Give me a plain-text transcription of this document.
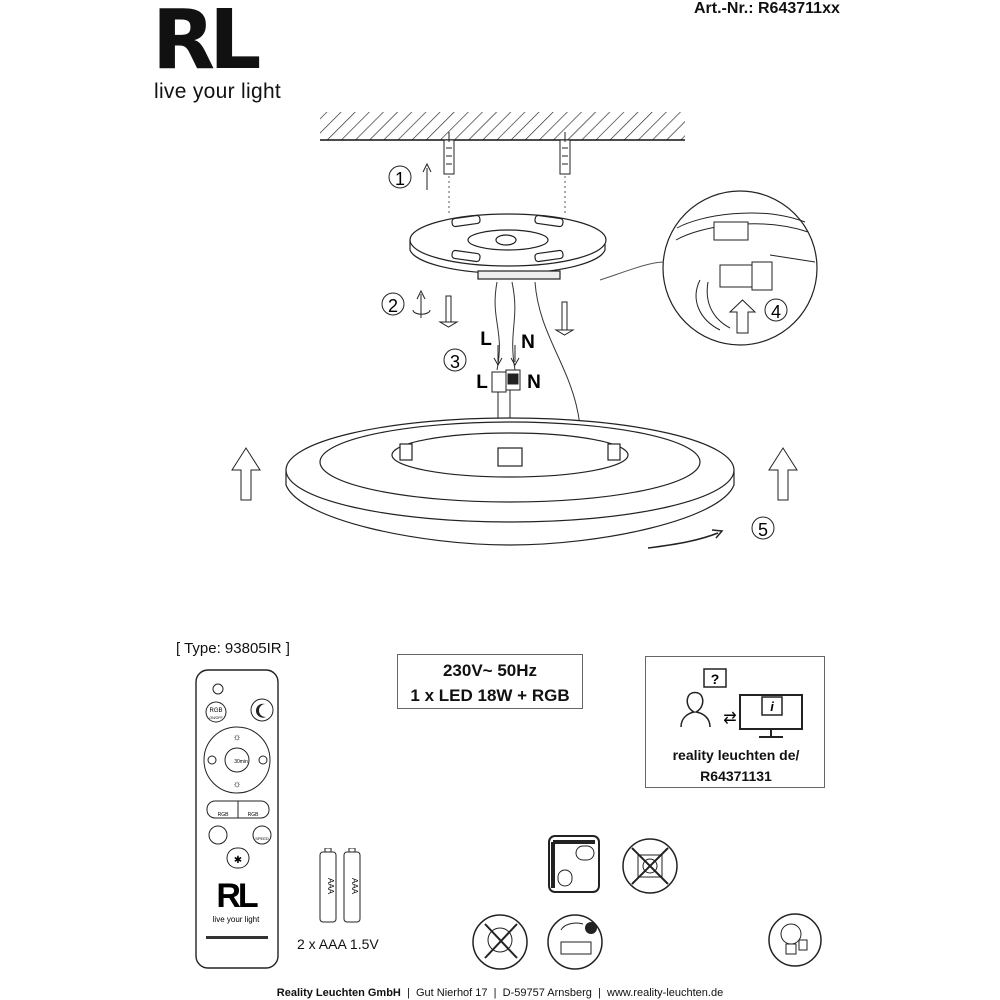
RL
live your light
Art.-Nr.: R643711xx
1
2
L N
3
L N
4
5
[ Type: 93805IR ]
RGB
ON/OFF
30min
☼
☼
RGB	RGB
SPEED
✱
RL
live your light
AAA AAA
2 x AAA 1.5V
230V~ 50Hz
1 x LED 18W + RGB
?
⇄
i
reality leuchten de/
R64371131
Reality Leuchten GmbH | Gut Nierhof 17 | D-59757 Arnsberg | www.reality-leuchten.de
